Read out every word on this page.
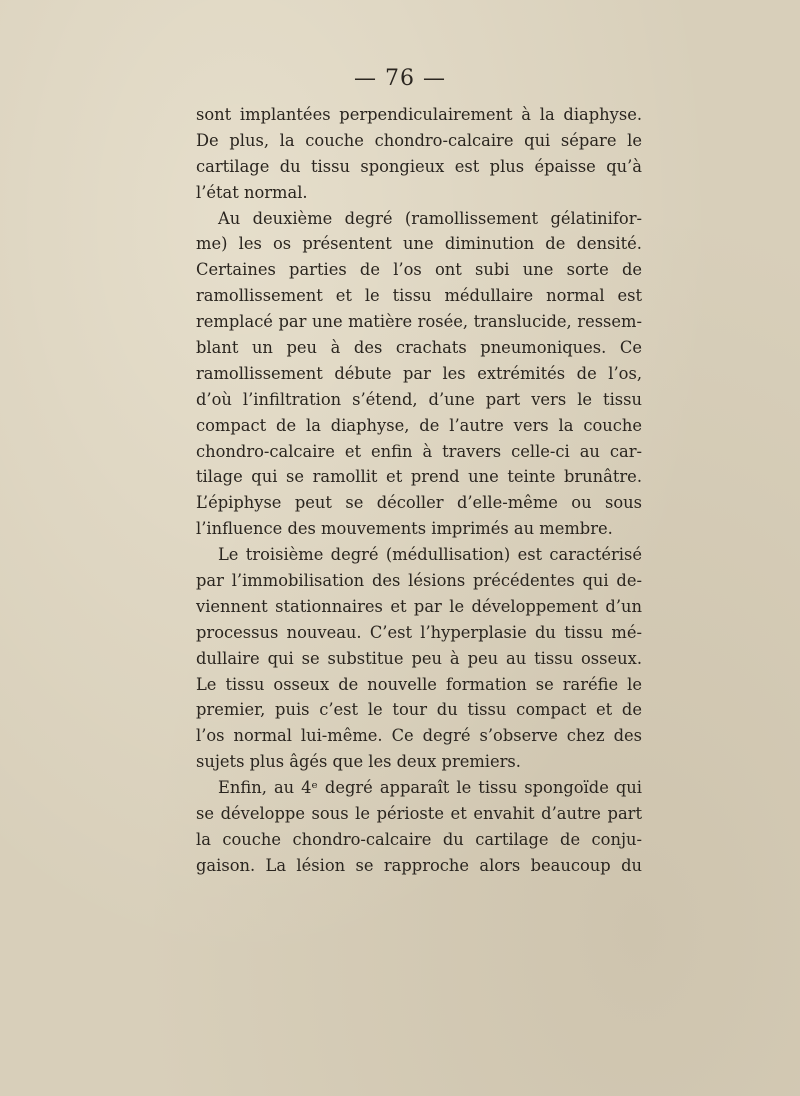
— 76 —
sont implantées perpendiculairement à la diaphyse.
De plus, la couche chondro-calcaire qui sépare le
cartilage du tissu spongieux est plus épaisse qu’à
l’état normal.
Au deuxième degré (ramollissement gélatinifor-
me) les os présentent une diminution de densité.
Certaines parties de l’os ont subi une sorte de
ramollissement et le tissu médullaire normal est
remplacé par une matière rosée, translucide, ressem-
blant un peu à des crachats pneumoniques. Ce
ramollissement débute par les extrémités de l’os,
d’où l’infiltration s’étend, d’une part vers le tissu
compact de la diaphyse, de l’autre vers la couche
chondro-calcaire et enfin à travers celle-ci au car-
tilage qui se ramollit et prend une teinte brunâtre.
L’épiphyse peut se décoller d’elle-même ou sous
l’influence des mouvements imprimés au membre.
Le troisième degré (médullisation) est caractérisé
par l’immobilisation des lésions précédentes qui de-
viennent stationnaires et par le développement d’un
processus nouveau. C’est l’hyperplasie du tissu mé-
dullaire qui se substitue peu à peu au tissu osseux.
Le tissu osseux de nouvelle formation se raréfie le
premier, puis c’est le tour du tissu compact et de
l’os normal lui-même. Ce degré s’observe chez des
sujets plus âgés que les deux premiers.
Enfin, au 4ᵉ degré apparaît le tissu spongoïde qui
se développe sous le périoste et envahit d’autre part
la couche chondro-calcaire du cartilage de conju-
gaison. La lésion se rapproche alors beaucoup du
